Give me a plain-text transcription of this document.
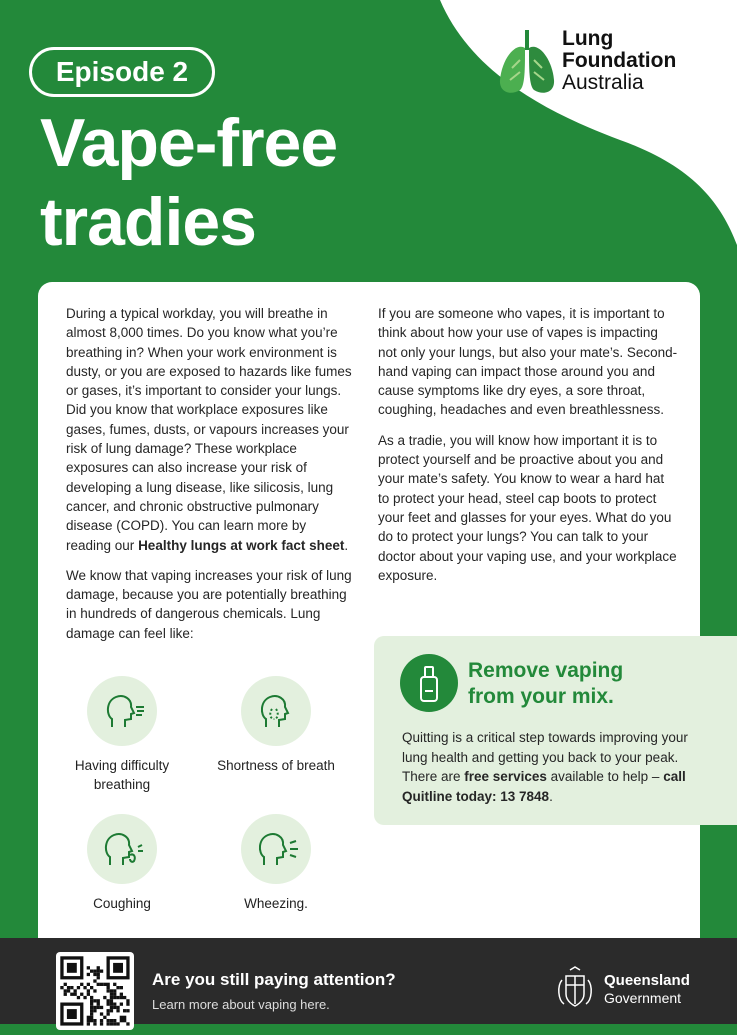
Episode 2
Vape-free
tradies
Lung
Foundation
Australia

During a typical workday, you will breathe in almost 8,000 times. Do you know what you’re breathing in? When your work environment is dusty, or you are exposed to hazards like fumes or gases, it’s important to consider your lungs. Did you know that workplace exposures like gases, fumes, dusts, or vapours increases your risk of lung damage? These workplace exposures can also increase your risk of developing a lung disease, like silicosis, lung cancer, and chronic obstructive pulmonary disease (COPD). You can learn more by reading our Healthy lungs at work fact sheet.

We know that vaping increases your risk of lung damage, because you are potentially breathing in hundreds of dangerous chemicals. Lung damage can feel like:

If you are someone who vapes, it is important to think about how your use of vapes is impacting not only your lungs, but also your mate’s. Second-hand vaping can impact those around you and cause symptoms like dry eyes, a sore throat, coughing, headaches and even breathlessness.

As a tradie, you will know how important it is to protect yourself and be proactive about you and your mate’s safety. You know to wear a hard hat to protect your head, steel cap boots to protect your feet and glasses for your eyes. What do you do to protect your lungs? You can talk to your doctor about your vaping use, and your workplace exposure.

Having difficulty breathing
Shortness of breath
Coughing	Wheezing.
Remove vaping from your mix.
Quitting is a critical step towards improving your lung health and getting you back to your peak. There are free services available to help – call Quitline today: 13 7848.
Are you still paying attention?
Learn more about vaping here.
Queensland
Government
